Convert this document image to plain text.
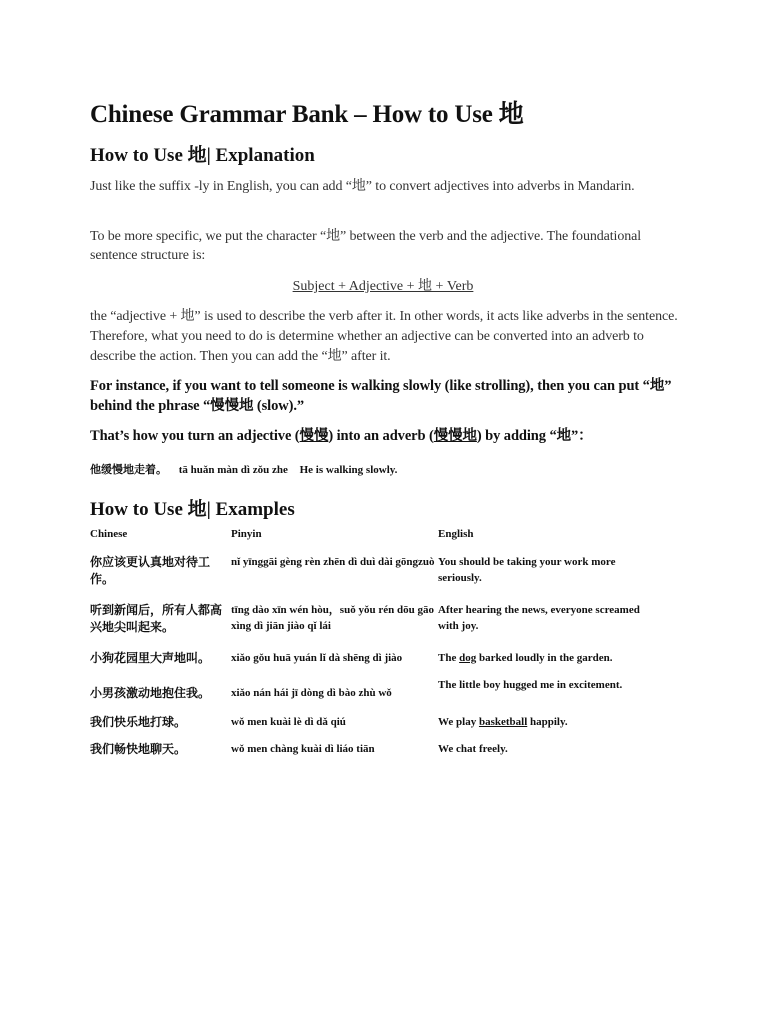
Chinese Grammar Bank – How to Use 地
How to Use 地| Explanation

Just like the suffix -ly in English, you can add “地” to convert adjectives into adverbs in Mandarin.

To be more specific, we put the character “地” between the verb and the adjective. The foundational sentence structure is:

Subject + Adjective + 地 + Verb

the “adjective + 地” is used to describe the verb after it. In other words, it acts like adverbs in the sentence. Therefore, what you need to do is determine whether an adjective can be converted into an adverb to describe the action. Then you can add the “地” after it.

For instance, if you want to tell someone is walking slowly (like strolling), then you can put “地” behind the phrase “慢慢地 (slow).”
That’s how you turn an adjective (慢慢) into an adverb (慢慢地) by adding “地”：
他缓慢地走着。 tā huǎn màn dì zǒu zhe He is walking slowly.
How to Use 地| Examples
Chinese	Pinyin	English
你应该更认真地对待工作。	nǐ yīnggāi gèng rèn zhēn dì duì dài gōngzuò	You should be taking your work more seriously.
听到新闻后，所有人都高兴地尖叫起来。	tīng dào xīn wén hòu，suǒ yǒu rén dōu gāo xìng dì jiān jiào qǐ lái	After hearing the news, everyone screamed with joy.
小狗花园里大声地叫。	xiǎo gǒu huā yuán lǐ dà shēng dì jiào	The dog barked loudly in the garden.

小男孩激动地抱住我。	xiǎo nán hái jī dòng dì bào zhù wǒ	The little boy hugged me in excitement.
我们快乐地打球。	wǒ men kuài lè dì dǎ qiú	We play basketball happily.
我们畅快地聊天。	wǒ men chàng kuài dì liáo tiān	We chat freely.
